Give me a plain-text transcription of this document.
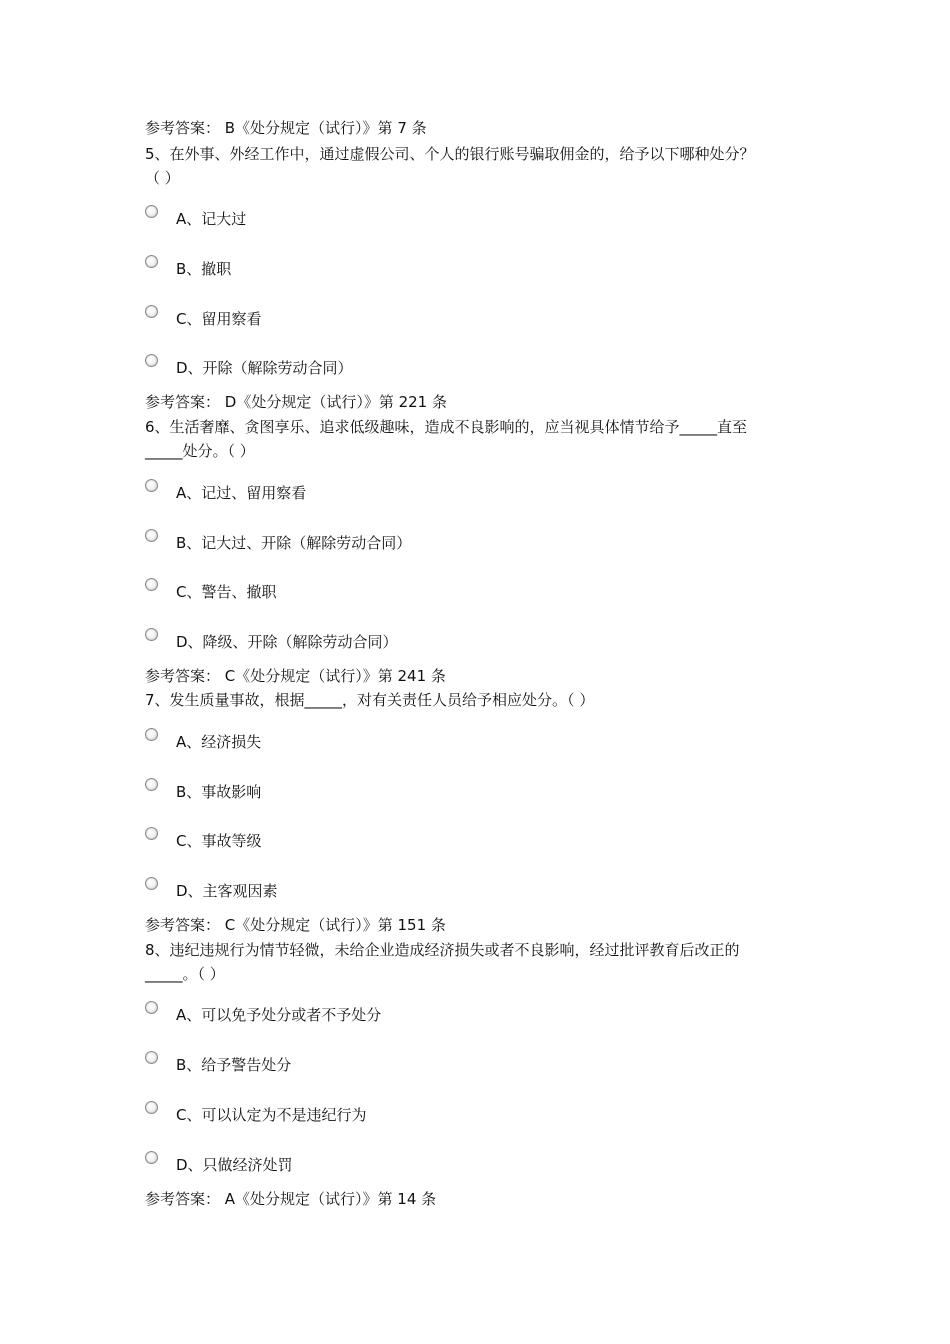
参考答案： B《处分规定（试行）》第 7 条
5、在外事、外经工作中，通过虚假公司、个人的银行账号骗取佣金的，给予以下哪种处分？
（ ）
A、记大过
B、撤职
C、留用察看
D、开除（解除劳动合同）
参考答案： D《处分规定（试行）》第 221 条
6、生活奢靡、贪图享乐、追求低级趣味，造成不良影响的，应当视具体情节给予_____直至
_____处分。（ ）
A、记过、留用察看
B、记大过、开除（解除劳动合同）
C、警告、撤职
D、降级、开除（解除劳动合同）
参考答案： C《处分规定（试行）》第 241 条
7、发生质量事故，根据_____，对有关责任人员给予相应处分。（ ）
A、经济损失
B、事故影响
C、事故等级
D、主客观因素
参考答案： C《处分规定（试行）》第 151 条
8、违纪违规行为情节轻微，未给企业造成经济损失或者不良影响，经过批评教育后改正的
_____。（ ）
A、可以免予处分或者不予处分
B、给予警告处分
C、可以认定为不是违纪行为
D、只做经济处罚
参考答案： A《处分规定（试行）》第 14 条
